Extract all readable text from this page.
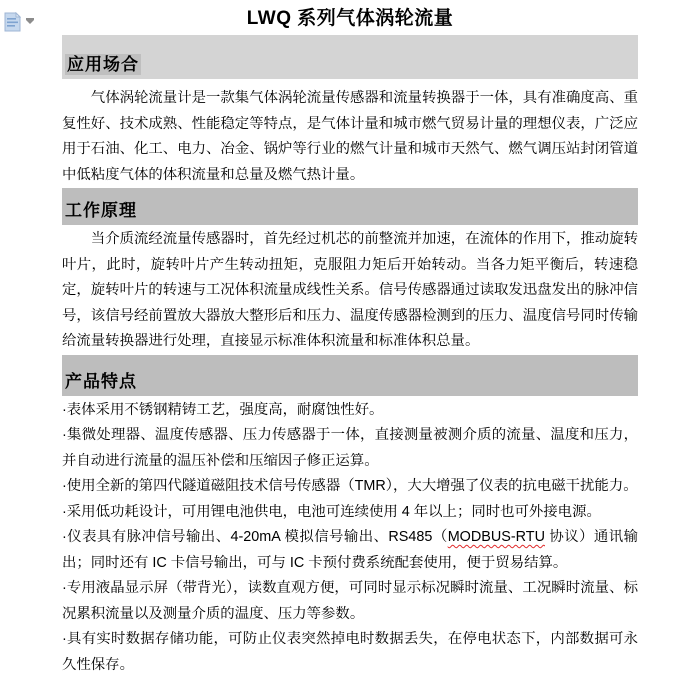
LWQ 系列气体涡轮流量
应用场合

气体涡轮流量计是一款集气体涡轮流量传感器和流量转换器于一体，具有准确度高、重复性好、技术成熟、性能稳定等特点，是气体计量和城市燃气贸易计量的理想仪表，广泛应用于石油、化工、电力、冶金、锅炉等行业的燃气计量和城市天然气、燃气调压站封闭管道中低粘度气体的体积流量和总量及燃气热计量。

工作原理

当介质流经流量传感器时，首先经过机芯的前整流并加速，在流体的作用下，推动旋转叶片，此时，旋转叶片产生转动扭矩，克服阻力矩后开始转动。当各力矩平衡后，转速稳定，旋转叶片的转速与工况体积流量成线性关系。信号传感器通过读取发迅盘发出的脉冲信号，该信号经前置放大器放大整形后和压力、温度传感器检测到的压力、温度信号同时传输给流量转换器进行处理，直接显示标准体积流量和标准体积总量。

产品特点

·表体采用不锈钢精铸工艺，强度高，耐腐蚀性好。

·集微处理器、温度传感器、压力传感器于一体，直接测量被测介质的流量、温度和压力，并自动进行流量的温压补偿和压缩因子修正运算。

·使用全新的第四代隧道磁阻技术信号传感器（TMR），大大增强了仪表的抗电磁干扰能力。

·采用低功耗设计，可用锂电池供电，电池可连续使用 4 年以上；同时也可外接电源。

·仪表具有脉冲信号输出、4-20mA 模拟信号输出、RS485（MODBUS-RTU 协议）通讯输出；同时还有 IC 卡信号输出，可与 IC 卡预付费系统配套使用，便于贸易结算。

·专用液晶显示屏（带背光），读数直观方便，可同时显示标况瞬时流量、工况瞬时流量、标况累积流量以及测量介质的温度、压力等参数。

·具有实时数据存储功能，可防止仪表突然掉电时数据丢失，在停电状态下，内部数据可永久性保存。
